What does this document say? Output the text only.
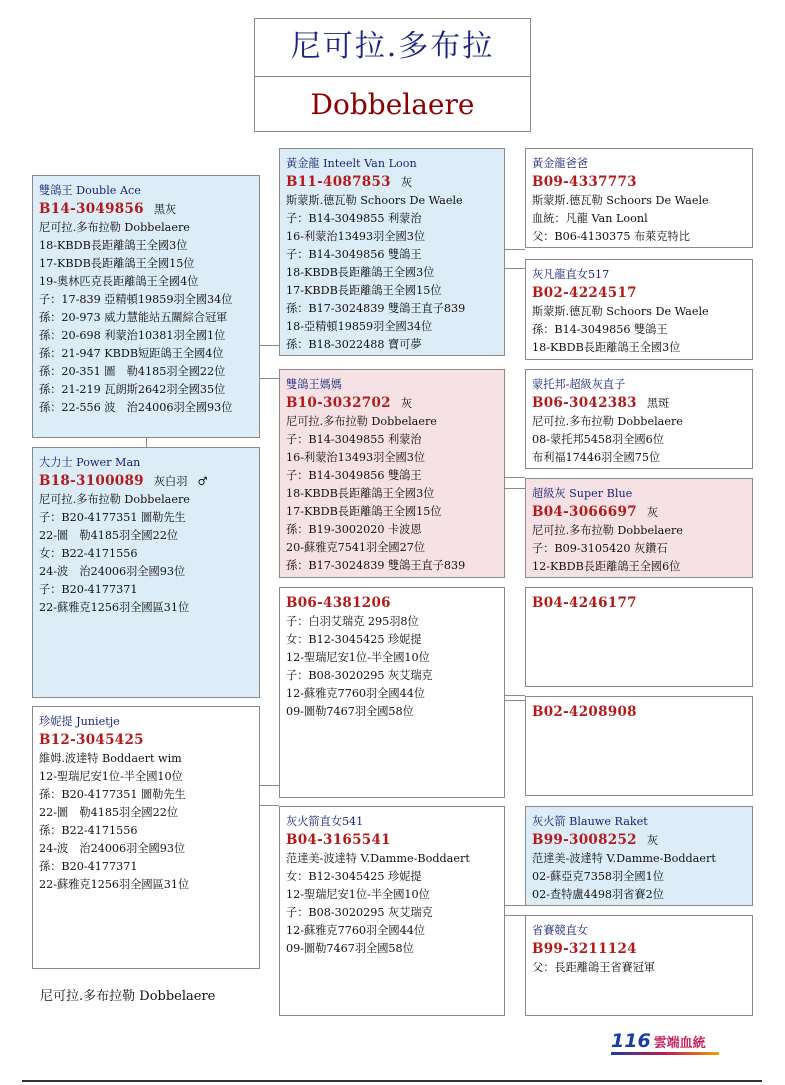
尼可拉.多布拉
Dobbelaere
雙鴿王 Double Ace
B14-3049856 黑灰
尼可拉.多布拉勒 Dobbelaere
18-KBDB長距離鴿王全國3位
17-KBDB長距離鴿王全國15位
19-奧林匹克長距離鴿王全國4位
子：17-839 亞精頓19859羽全國34位
孫：20-973 威力慧能站五關綜合冠軍
孫：20-698 利蒙治10381羽全國1位
孫：21-947 KBDB短距鴿王全國4位
孫：20-351 圖　勒4185羽全國22位
孫：21-219 瓦朗斯2642羽全國35位
孫：22-556 波　治24006羽全國93位
大力士 Power Man
B18-3100089 灰白羽 ♂
尼可拉.多布拉勒 Dobbelaere
子：B20-4177351 圖勒先生
22-圖　勒4185羽全國22位
女：B22-4171556
24-波　治24006羽全國93位
子：B20-4177371
22-蘇雅克1256羽全國區31位
珍妮提 Junietje
B12-3045425
維姆.波達特 Boddaert wim
12-聖瑞尼安1位-半全國10位
孫：B20-4177351 圖勒先生
22-圖　勒4185羽全國22位
孫：B22-4171556
24-波　治24006羽全國93位
孫：B20-4177371
22-蘇雅克1256羽全國區31位
黃金龍 Inteelt Van Loon
B11-4087853 灰
斯蒙斯.德瓦勒 Schoors De Waele
子：B14-3049855 利蒙治
16-利蒙治13493羽全國3位
子：B14-3049856 雙鴿王
18-KBDB長距離鴿王全國3位
17-KBDB長距離鴿王全國15位
孫：B17-3024839 雙鴿王直子839
18-亞精頓19859羽全國34位
孫：B18-3022488 寶可夢
雙鴿王媽媽
B10-3032702 灰
尼可拉.多布拉勒 Dobbelaere
子：B14-3049855 利蒙治
16-利蒙治13493羽全國3位
子：B14-3049856 雙鴿王
18-KBDB長距離鴿王全國3位
17-KBDB長距離鴿王全國15位
孫：B19-3002020 卡波恩
20-蘇雅克7541羽全國27位
孫：B17-3024839 雙鴿王直子839
B06-4381206
子：白羽艾瑞克 295羽8位
女：B12-3045425 珍妮提
12-聖瑞尼安1位-半全國10位
子：B08-3020295 灰艾瑞克
12-蘇雅克7760羽全國44位
09-圖勒7467羽全國58位
灰火箭直女541
B04-3165541
范達美-波達特 V.Damme-Boddaert
女：B12-3045425 珍妮提
12-聖瑞尼安1位-半全國10位
子：B08-3020295 灰艾瑞克
12-蘇雅克7760羽全國44位
09-圖勒7467羽全國58位
黃金龍爸爸
B09-4337773
斯蒙斯.德瓦勒 Schoors De Waele
血統：凡龍 Van Loonl
父：B06-4130375 布萊克特比
灰凡龍直女517
B02-4224517
斯蒙斯.德瓦勒 Schoors De Waele
孫：B14-3049856 雙鴿王
18-KBDB長距離鴿王全國3位
蒙托邦-超級灰直子
B06-3042383 黑斑
尼可拉.多布拉勒 Dobbelaere
08-蒙托邦5458羽全國6位
布利福17446羽全國75位
超級灰 Super Blue
B04-3066697 灰
尼可拉.多布拉勒 Dobbelaere
子：B09-3105420 灰鑽石
12-KBDB長距離鴿王全國6位
B04-4246177
B02-4208908
灰火箭 Blauwe Raket
B99-3008252 灰
范達美-波達特 V.Damme-Boddaert
02-蘇亞克7358羽全國1位
02-查特盧4498羽省賽2位
省賽競直女
B99-3211124
父：長距離鴿王省賽冠軍
尼可拉.多布拉勒 Dobbelaere
116 雲端血統
